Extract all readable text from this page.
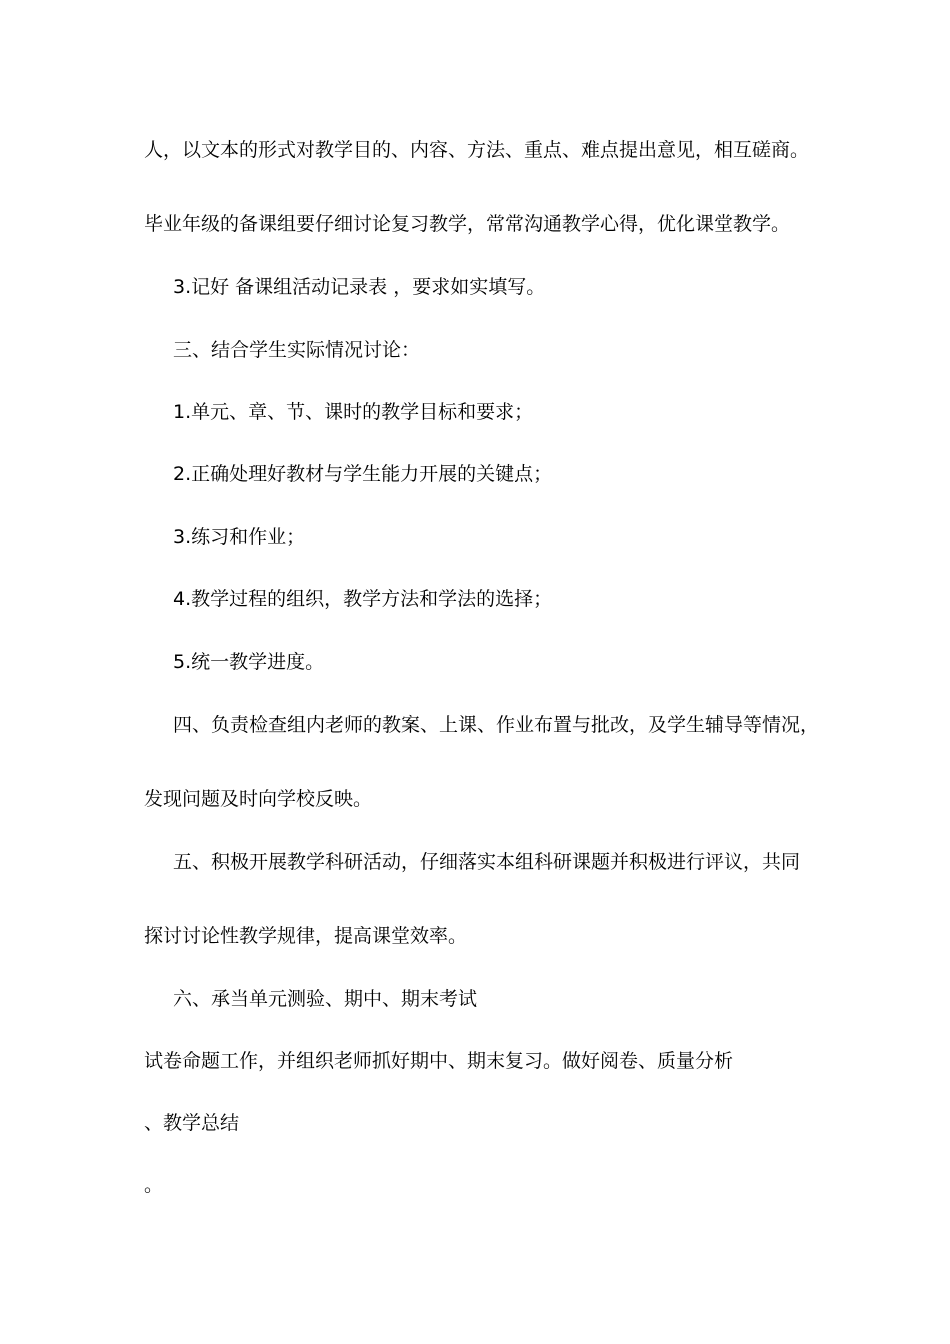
人，以文本的形式对教学目的、内容、方法、重点、难点提出意见，相互磋商。
毕业年级的备课组要仔细讨论复习教学，常常沟通教学心得，优化课堂教学。
3.记好 备课组活动记录表 ，要求如实填写。
三、结合学生实际情况讨论：
1.单元、章、节、课时的教学目标和要求；
2.正确处理好教材与学生能力开展的关键点；
3.练习和作业；
4.教学过程的组织，教学方法和学法的选择；
5.统一教学进度。
四、负责检查组内老师的教案、上课、作业布置与批改，及学生辅导等情况，
发现问题及时向学校反映。
五、积极开展教学科研活动，仔细落实本组科研课题并积极进行评议，共同
探讨讨论性教学规律，提高课堂效率。
六、承当单元测验、期中、期末考试
试卷命题工作，并组织老师抓好期中、期末复习。做好阅卷、质量分析
、教学总结
。
